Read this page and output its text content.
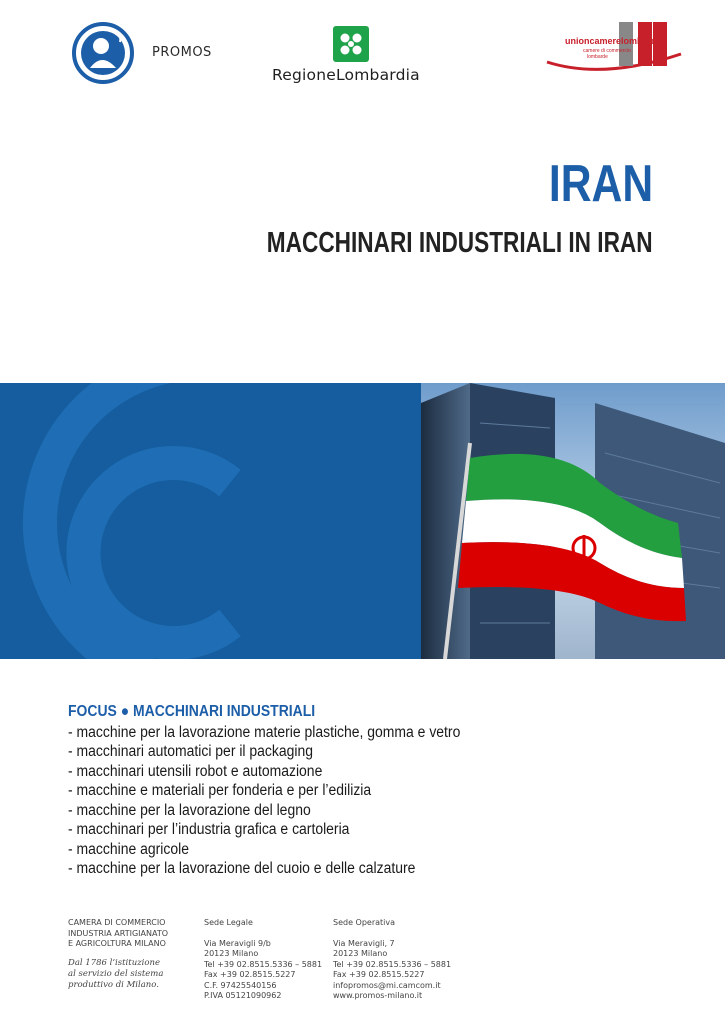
PROMOS
RegioneLombardia
unioncamerelombardia
camere di commercio
lombarde
IRAN
MACCHINARI INDUSTRIALI IN IRAN
FOCUS ● MACCHINARI INDUSTRIALI
- macchine per la lavorazione materie plastiche, gomma e vetro
- macchinari automatici per il packaging
- macchinari utensili robot e automazione
- macchine e materiali per fonderia e per l’edilizia
- macchine per la lavorazione del legno
- macchinari per l’industria grafica e cartoleria
- macchine agricole
- macchine per la lavorazione del cuoio e delle calzature
CAMERA DI COMMERCIO
INDUSTRIA ARTIGIANATO
E AGRICOLTURA MILANO
Dal 1786 l’istituzione
al servizio del sistema
produttivo di Milano.
Sede Legale
Via Meravigli 9/b
20123 Milano
Tel +39 02.8515.5336 – 5881
Fax +39 02.8515.5227
C.F. 97425540156
P.IVA 05121090962
Sede Operativa
Via Meravigli, 7
20123 Milano
Tel +39 02.8515.5336 – 5881
Fax +39 02.8515.5227
infopromos@mi.camcom.it
www.promos-milano.it
